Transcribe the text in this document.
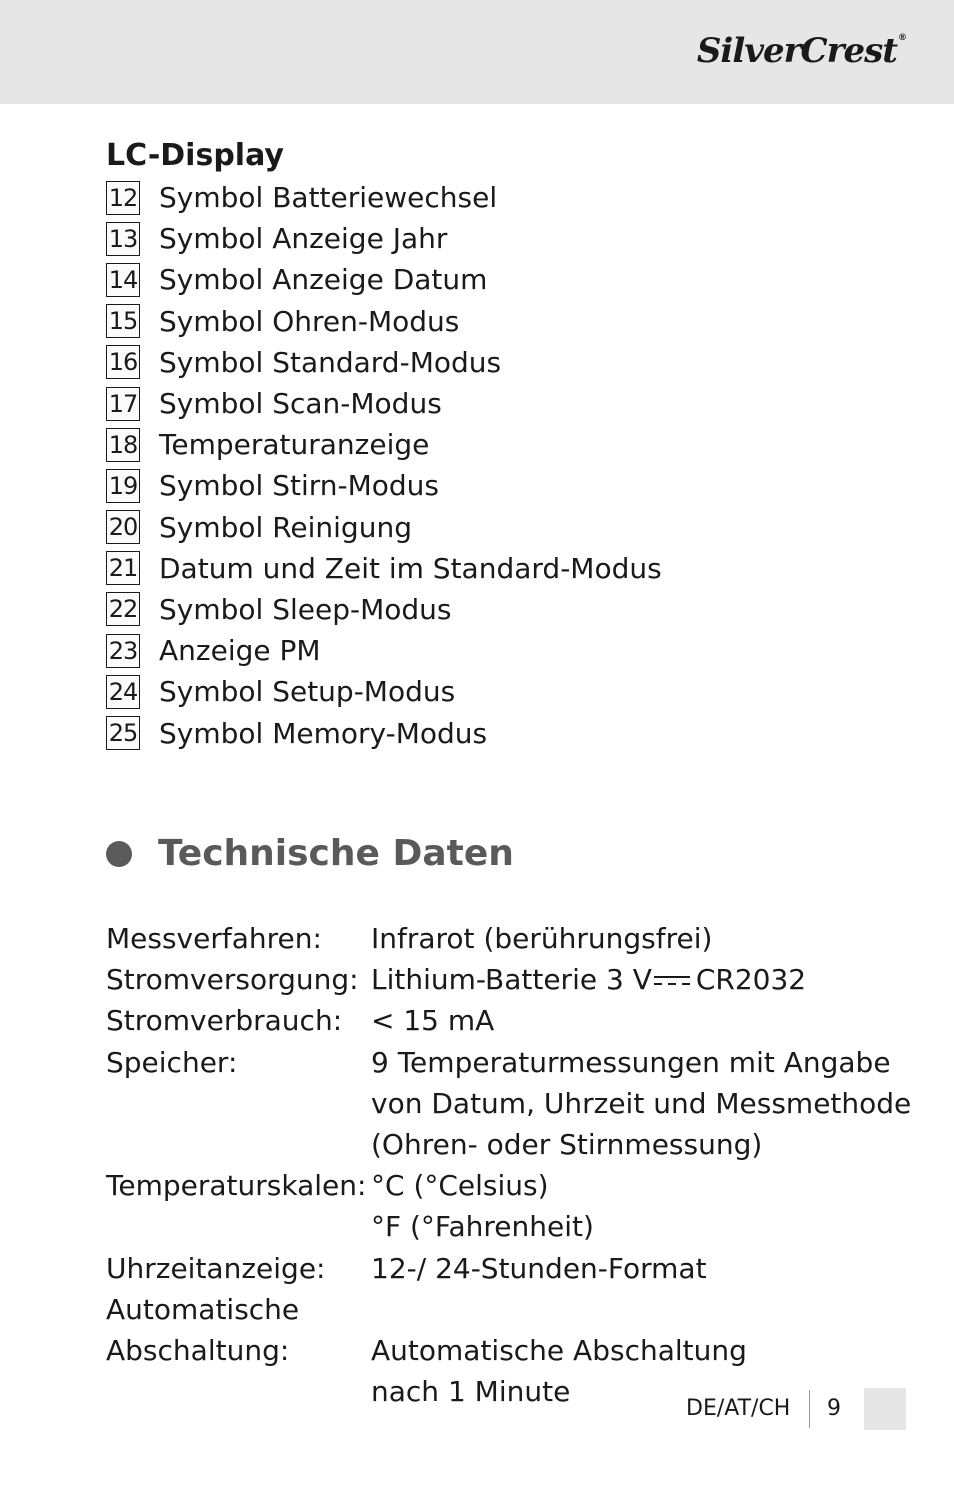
SilverCrest®
LC-Display
12 Symbol Batteriewechsel
13 Symbol Anzeige Jahr
14 Symbol Anzeige Datum
15 Symbol Ohren-Modus
16 Symbol Standard-Modus
17 Symbol Scan-Modus
18 Temperaturanzeige
19 Symbol Stirn-Modus
20 Symbol Reinigung
21 Datum und Zeit im Standard-Modus
22 Symbol Sleep-Modus
23 Anzeige PM
24 Symbol Setup-Modus
25 Symbol Memory-Modus
Technische Daten
Messverfahren:	Infrarot (berührungsfrei)
Stromversorgung: Lithium-Batterie 3 V CR2032
Stromverbrauch:	< 15 mA
Speicher:	9 Temperaturmessungen mit Angabe
von Datum, Uhrzeit und Messmethode
(Ohren- oder Stirnmessung)
Temperaturskalen: °C (°Celsius)
°F (°Fahrenheit)
Uhrzeitanzeige:	12-/ 24-Stunden-Format
Automatische
Abschaltung:	Automatische Abschaltung
nach 1 Minute
DE/AT/CH 9
